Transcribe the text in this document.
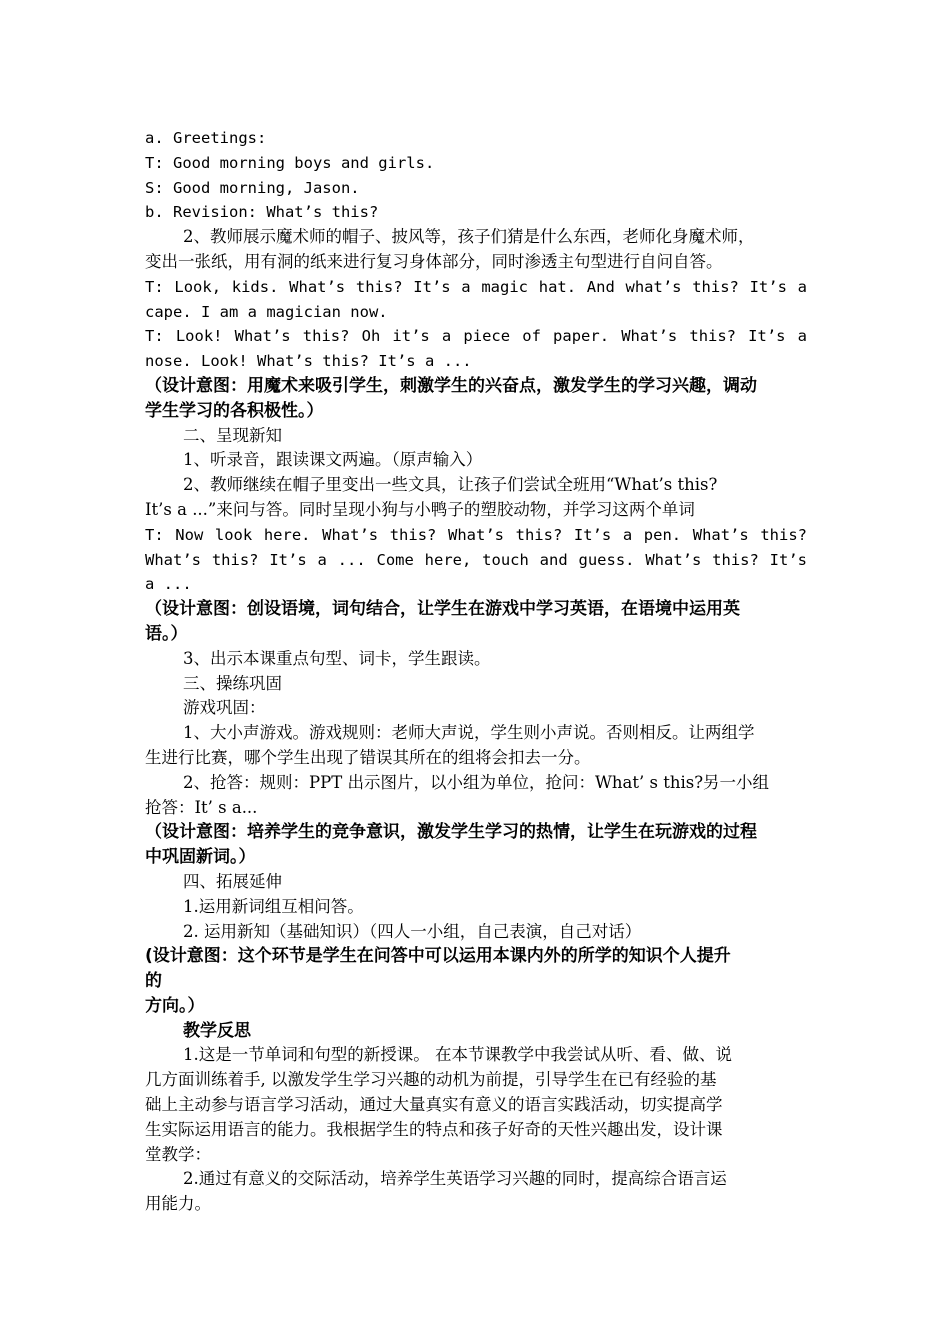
a. Greetings:

T: Good morning boys and girls.

S: Good morning, Jason.

b. Revision: What’s this?

2、教师展示魔术师的帽子、披风等，孩子们猜是什么东西，老师化身魔术师，

变出一张纸，用有洞的纸来进行复习身体部分，同时渗透主句型进行自问自答。

T: Look, kids. What’s this? It’s a magic hat. And what’s this? It’s a

cape. I am a magician now.

T: Look! What’s this? Oh it’s a piece of paper. What’s this? It’s a

nose. Look! What’s this? It’s a ...

（设计意图：用魔术来吸引学生，刺激学生的兴奋点，激发学生的学习兴趣，调动

学生学习的各积极性。）

二、呈现新知

1、听录音，跟读课文两遍。（原声输入）

2、教师继续在帽子里变出一些文具，让孩子们尝试全班用“What’s this?

It’s a ...”来问与答。同时呈现小狗与小鸭子的塑胶动物，并学习这两个单词

T: Now look here. What’s this? What’s this? It’s a pen. What’s this?

What’s this? It’s a ... Come here, touch and guess. What’s this? It’s

a ...

（设计意图：创设语境，词句结合，让学生在游戏中学习英语，在语境中运用英

语。）

3、出示本课重点句型、词卡，学生跟读。

三、操练巩固

游戏巩固：

1、大小声游戏。游戏规则：老师大声说，学生则小声说。否则相反。让两组学

生进行比赛，哪个学生出现了错误其所在的组将会扣去一分。

2、抢答：规则：PPT 出示图片，以小组为单位，抢问：What’ s this?另一小组

抢答：It’ s a...

（设计意图：培养学生的竞争意识，激发学生学习的热情，让学生在玩游戏的过程

中巩固新词。）

四、拓展延伸

1.运用新词组互相问答。

2. 运用新知（基础知识）（四人一小组，自己表演，自己对话）

(设计意图：这个环节是学生在问答中可以运用本课内外的所学的知识个人提升

的

方向。）

教学反思

1.这是一节单词和句型的新授课。 在本节课教学中我尝试从听、看、做、说

几方面训练着手, 以激发学生学习兴趣的动机为前提，引导学生在已有经验的基

础上主动参与语言学习活动，通过大量真实有意义的语言实践活动，切实提高学

生实际运用语言的能力。我根据学生的特点和孩子好奇的天性兴趣出发，设计课

堂教学：

2.通过有意义的交际活动，培养学生英语学习兴趣的同时，提高综合语言运

用能力。
